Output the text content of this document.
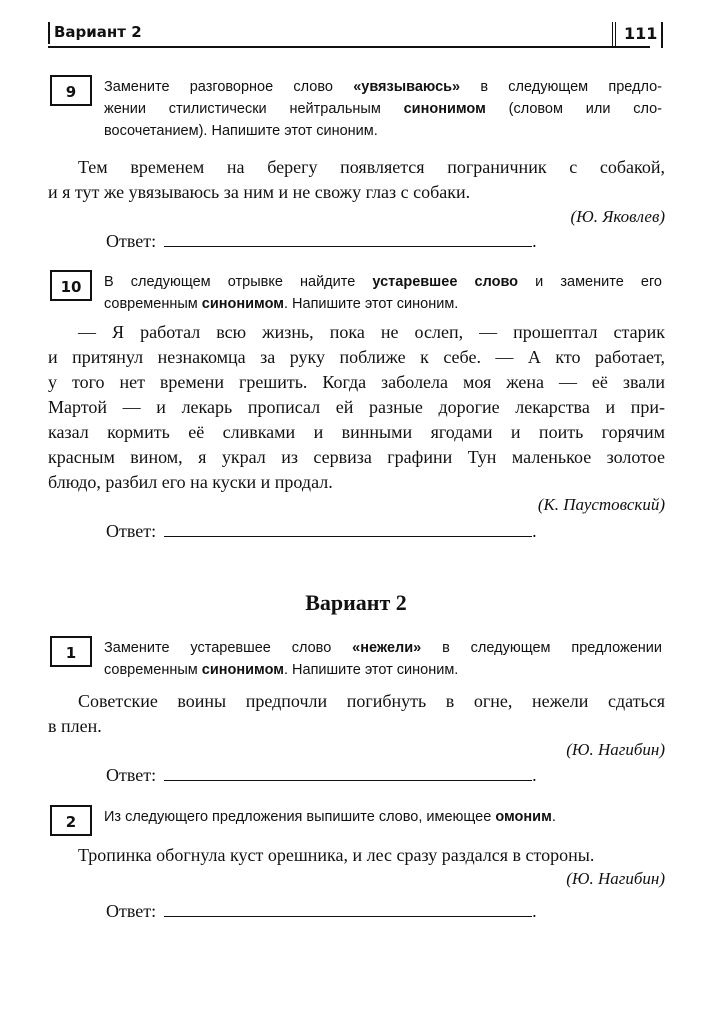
Вариант 2	111
Вариант 2
9	Замените разговорное слово «увязываюсь» в следующем предло-
жении стилистически нейтральным синонимом (словом или сло-
восочетанием). Напишите этот синоним.
Тем временем на берегу появляется пограничник с собакой,
и я тут же увязываюсь за ним и не свожу глаз с собаки.
(Ю. Яковлев)
Ответ:	.
10	В следующем отрывке найдите устаревшее слово и замените его
современным синонимом. Напишите этот синоним.
— Я работал всю жизнь, пока не ослеп, — прошептал старик
и притянул незнакомца за руку поближе к себе. — А кто работает,
у того нет времени грешить. Когда заболела моя жена — её звали
Мартой — и лекарь прописал ей разные дорогие лекарства и при-
казал кормить её сливками и винными ягодами и поить горячим
красным вином, я украл из сервиза графини Тун маленькое золотое
блюдо, разбил его на куски и продал.
(К. Паустовский)
Ответ:	.
1	Замените устаревшее слово «нежели» в следующем предложении
современным синонимом. Напишите этот синоним.
Советские воины предпочли погибнуть в огне, нежели сдаться
в плен.
(Ю. Нагибин)
Ответ:	.
2	Из следующего предложения выпишите слово, имеющее омоним.
Тропинка обогнула куст орешника, и лес сразу раздался в стороны.
(Ю. Нагибин)
Ответ:	.
